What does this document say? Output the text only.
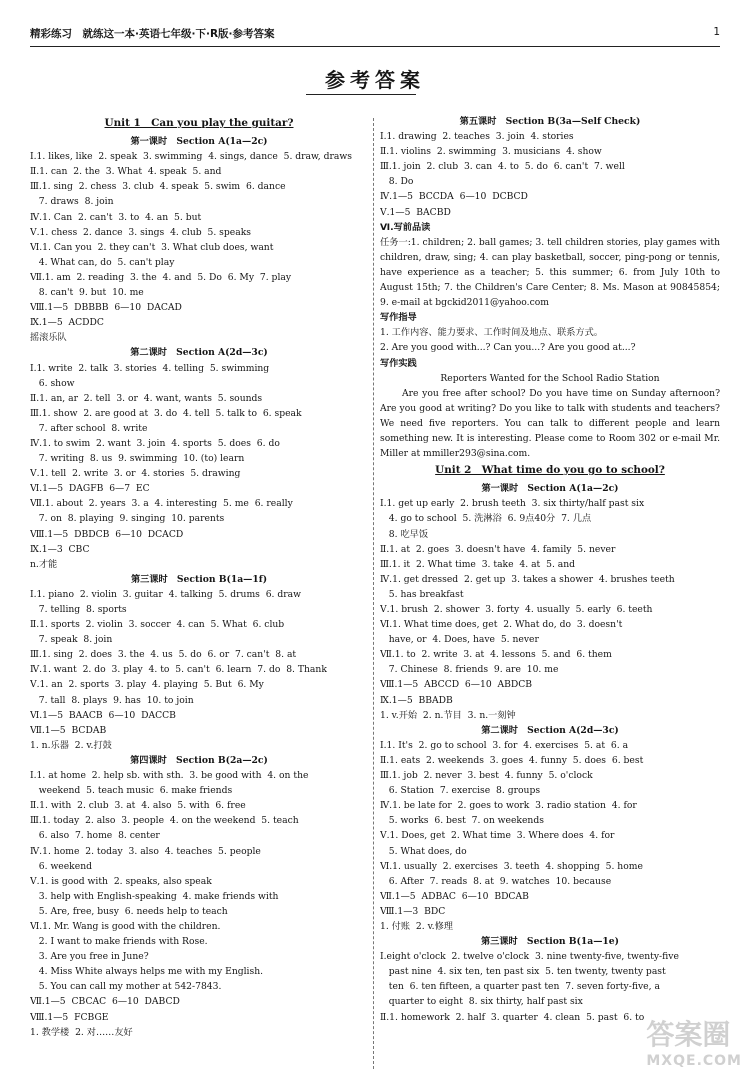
精彩练习　就练这一本·英语七年级·下·R版·参考答案	1
参考答案
Unit 1　Can you play the guitar?
第一课时　Section A(1a—2c)
Ⅰ.1. likes, like  2. speak  3. swimming  4. sings, dance  5. draw, draws
Ⅱ.1. can  2. the  3. What  4. speak  5. and
Ⅲ.1. sing  2. chess  3. club  4. speak  5. swim  6. dance
7. draws  8. join
Ⅳ.1. Can  2. can't  3. to  4. an  5. but
Ⅴ.1. chess  2. dance  3. sings  4. club  5. speaks
Ⅵ.1. Can you  2. they can't  3. What club does, want
4. What can, do  5. can't play
Ⅶ.1. am  2. reading  3. the  4. and  5. Do  6. My  7. play
8. can't  9. but  10. me
Ⅷ.1—5  DBBBB  6—10  DACAD
Ⅸ.1—5  ACDDC
摇滚乐队
第二课时　Section A(2d—3c)
Ⅰ.1. write  2. talk  3. stories  4. telling  5. swimming
6. show
Ⅱ.1. an, ar  2. tell  3. or  4. want, wants  5. sounds
Ⅲ.1. show  2. are good at  3. do  4. tell  5. talk to  6. speak
7. after school  8. write
Ⅳ.1. to swim  2. want  3. join  4. sports  5. does  6. do
7. writing  8. us  9. swimming  10. (to) learn
Ⅴ.1. tell  2. write  3. or  4. stories  5. drawing
Ⅵ.1—5  DAGFB  6—7  EC
Ⅶ.1. about  2. years  3. a  4. interesting  5. me  6. really
7. on  8. playing  9. singing  10. parents
Ⅷ.1—5  DBDCB  6—10  DCACD
Ⅸ.1—3  CBC
n.才能
第三课时　Section B(1a—1f)
Ⅰ.1. piano  2. violin  3. guitar  4. talking  5. drums  6. draw
7. telling  8. sports
Ⅱ.1. sports  2. violin  3. soccer  4. can  5. What  6. club
7. speak  8. join
Ⅲ.1. sing  2. does  3. the  4. us  5. do  6. or  7. can't  8. at
Ⅳ.1. want  2. do  3. play  4. to  5. can't  6. learn  7. do  8. Thank
Ⅴ.1. an  2. sports  3. play  4. playing  5. But  6. My
7. tall  8. plays  9. has  10. to join
Ⅵ.1—5  BAACB  6—10  DACCB
Ⅶ.1—5  BCDAB
1. n.乐器  2. v.打鼓
第四课时　Section B(2a—2c)
Ⅰ.1. at home  2. help sb. with sth.  3. be good with  4. on the
weekend  5. teach music  6. make friends
Ⅱ.1. with  2. club  3. at  4. also  5. with  6. free
Ⅲ.1. today  2. also  3. people  4. on the weekend  5. teach
6. also  7. home  8. center
Ⅳ.1. home  2. today  3. also  4. teaches  5. people
6. weekend
Ⅴ.1. is good with  2. speaks, also speak
3. help with English-speaking  4. make friends with
5. Are, free, busy  6. needs help to teach
Ⅵ.1. Mr. Wang is good with the children.
2. I want to make friends with Rose.
3. Are you free in June?
4. Miss White always helps me with my English.
5. You can call my mother at 542-7843.
Ⅶ.1—5  CBCAC  6—10  DABCD
Ⅷ.1—5  FCBGE
1. 教学楼  2. 对……友好
第五课时　Section B(3a—Self Check)
Ⅰ.1. drawing  2. teaches  3. join  4. stories
Ⅱ.1. violins  2. swimming  3. musicians  4. show
Ⅲ.1. join  2. club  3. can  4. to  5. do  6. can't  7. well
8. Do
Ⅳ.1—5  BCCDA  6—10  DCBCD
Ⅴ.1—5  BACBD
Ⅵ.写前品读
任务一:1. children; 2. ball games; 3. tell children stories, play games with children, draw, sing; 4. can play basketball, soccer, ping-pong or tennis, have experience as a teacher; 5. this summer; 6. from July 10th to August 15th; 7. the Children's Care Center; 8. Ms. Mason at 90845854; 9. e-mail at bgckid2011@yahoo.com
写作指导
1. 工作内容、能力要求、工作时间及地点、联系方式。
2. Are you good with...? Can you...? Are you good at...?
写作实践
Reporters Wanted for the School Radio Station
Are you free after school? Do you have time on Sunday afternoon? Are you good at writing? Do you like to talk with students and teachers? We need five reporters. You can talk to different people and learn something new. It is interesting. Please come to Room 302 or e-mail Mr. Miller at mmiller293@sina.com.
Unit 2　What time do you go to school?
第一课时　Section A(1a—2c)
Ⅰ.1. get up early  2. brush teeth  3. six thirty/half past six
4. go to school  5. 洗淋浴  6. 9点40分  7. 几点
8. 吃早饭
Ⅱ.1. at  2. goes  3. doesn't have  4. family  5. never
Ⅲ.1. it  2. What time  3. take  4. at  5. and
Ⅳ.1. get dressed  2. get up  3. takes a shower  4. brushes teeth
5. has breakfast
Ⅴ.1. brush  2. shower  3. forty  4. usually  5. early  6. teeth
Ⅵ.1. What time does, get  2. What do, do  3. doesn't
have, or  4. Does, have  5. never
Ⅶ.1. to  2. write  3. at  4. lessons  5. and  6. them
7. Chinese  8. friends  9. are  10. me
Ⅷ.1—5  ABCCD  6—10  ABDCB
Ⅸ.1—5  BBADB
1. v.开始  2. n.节目  3. n.一刻钟
第二课时　Section A(2d—3c)
Ⅰ.1. It's  2. go to school  3. for  4. exercises  5. at  6. a
Ⅱ.1. eats  2. weekends  3. goes  4. funny  5. does  6. best
Ⅲ.1. job  2. never  3. best  4. funny  5. o'clock
6. Station  7. exercise  8. groups
Ⅳ.1. be late for  2. goes to work  3. radio station  4. for
5. works  6. best  7. on weekends
Ⅴ.1. Does, get  2. What time  3. Where does  4. for
5. What does, do
Ⅵ.1. usually  2. exercises  3. teeth  4. shopping  5. home
6. After  7. reads  8. at  9. watches  10. because
Ⅶ.1—5  ADBAC  6—10  BDCAB
Ⅷ.1—3  BDC
1. 付账  2. v.修理
第三课时　Section B(1a—1e)
Ⅰ.eight o'clock  2. twelve o'clock  3. nine twenty-five, twenty-five
past nine  4. six ten, ten past six  5. ten twenty, twenty past
ten  6. ten fifteen, a quarter past ten  7. seven forty-five, a
quarter to eight  8. six thirty, half past six
Ⅱ.1. homework  2. half  3. quarter  4. clean  5. past  6. to
答案圈
MXQE.COM
